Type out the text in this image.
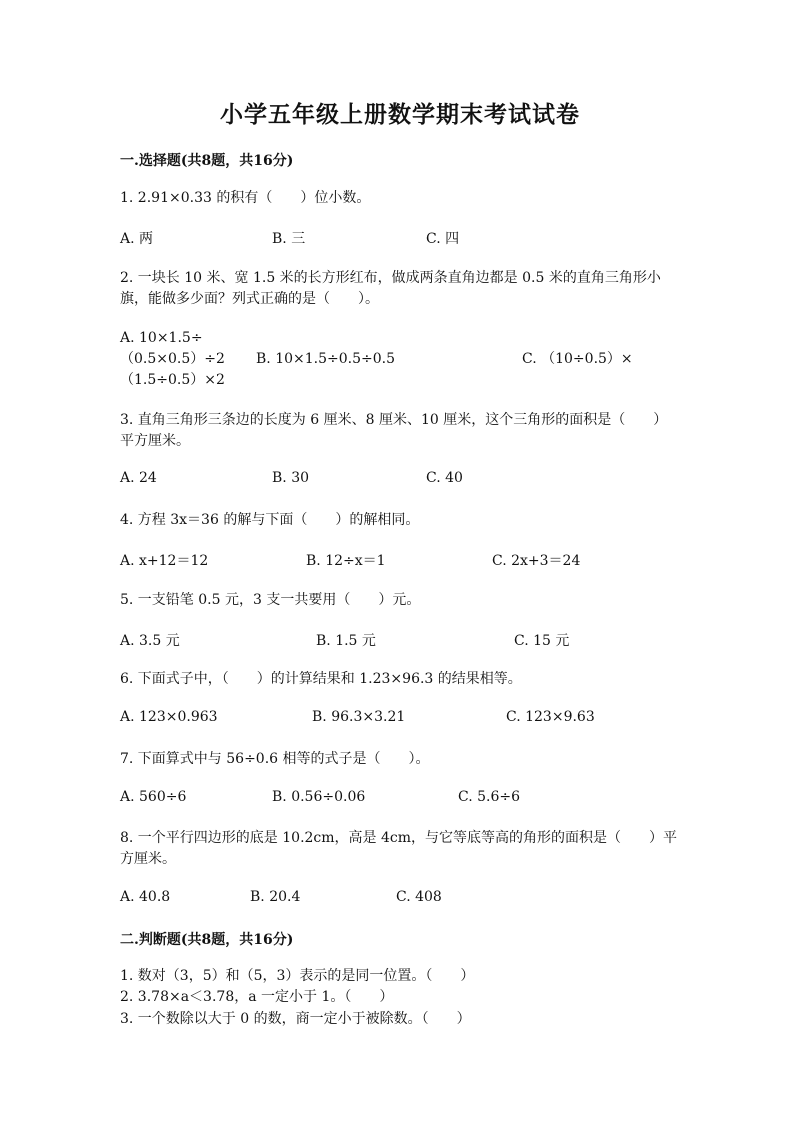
小学五年级上册数学期末考试试卷
一.选择题(共8题，共16分)
1. 2.91×0.33 的积有（　　）位小数。
A. 两	B. 三	C. 四
2. 一块长 10 米、宽 1.5 米的长方形红布，做成两条直角边都是 0.5 米的直角三角形小旗，能做多少面？列式正确的是（　　）。
A. 10×1.5÷（0.5×0.5）÷2	B. 10×1.5÷0.5÷0.5	C. （10÷0.5）×（1.5÷0.5）×2
3. 直角三角形三条边的长度为 6 厘米、8 厘米、10 厘米，这个三角形的面积是（　　）平方厘米。
A. 24	B. 30	C. 40
4. 方程 3x＝36 的解与下面（　　）的解相同。
A. x+12＝12	B. 12÷x＝1	C. 2x+3＝24
5. 一支铅笔 0.5 元，3 支一共要用（　　）元。
A. 3.5 元	B. 1.5 元	C. 15 元
6. 下面式子中，（　　）的计算结果和 1.23×96.3 的结果相等。
A. 123×0.963	B. 96.3×3.21	C. 123×9.63
7. 下面算式中与 56÷0.6 相等的式子是（　　）。
A. 560÷6	B. 0.56÷0.06	C. 5.6÷6
8. 一个平行四边形的底是 10.2cm，高是 4cm，与它等底等高的角形的面积是（　　）平方厘米。
A. 40.8	B. 20.4	C. 408
二.判断题(共8题，共16分)
1. 数对（3，5）和（5，3）表示的是同一位置。（　　）
2. 3.78×a＜3.78，a 一定小于 1。（　　）
3. 一个数除以大于 0 的数，商一定小于被除数。（　　）
